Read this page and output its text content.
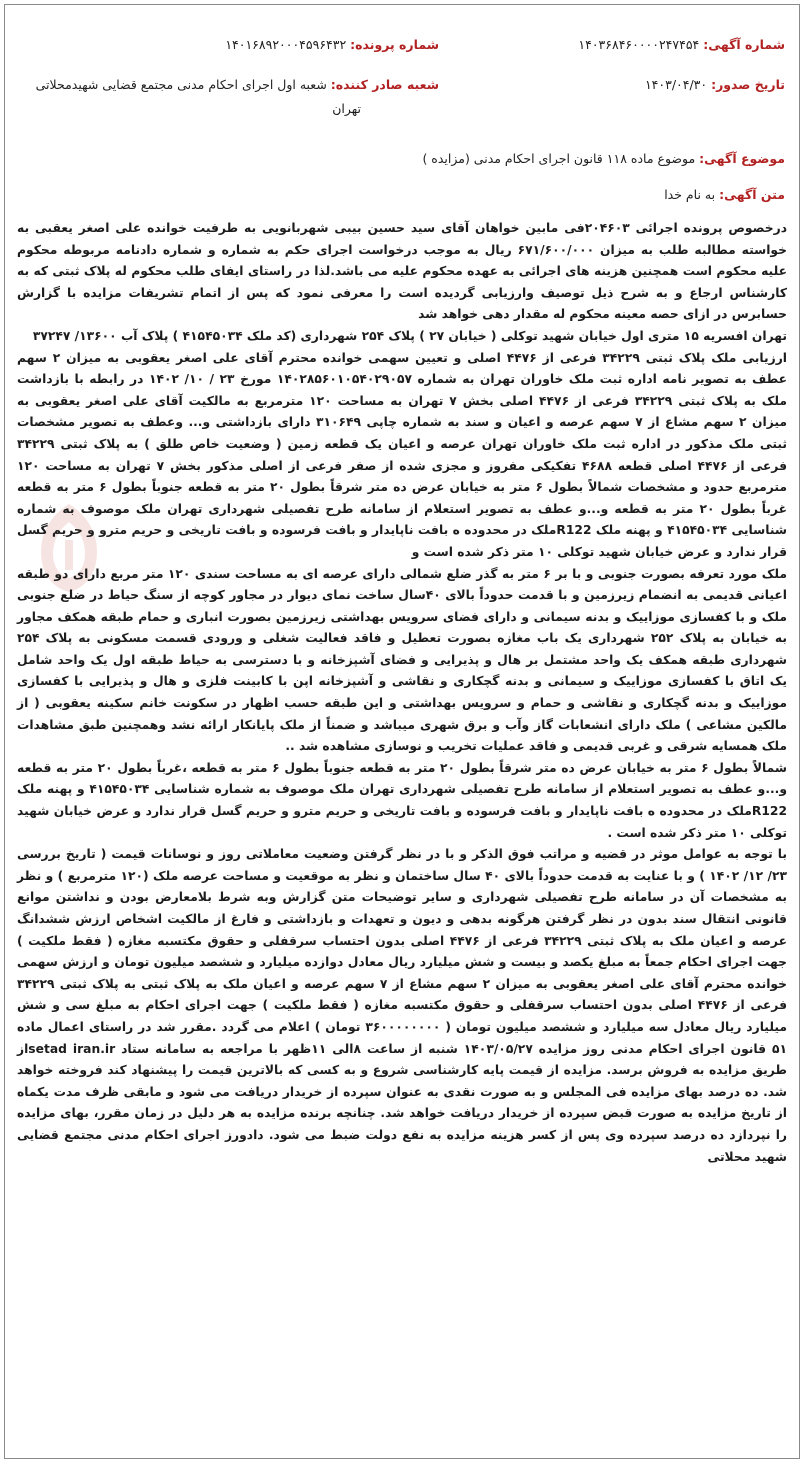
شماره آگهی: ۱۴۰۳۶۸۴۶۰۰۰۰۲۴۷۴۵۴
شماره پرونده: ۱۴۰۱۶۸۹۲۰۰۰۴۵۹۶۴۳۲
تاریخ صدور: ۱۴۰۳/۰۴/۳۰
شعبه صادر کننده: شعبه اول اجرای احکام مدنی مجتمع قضایی شهیدمحلاتی
تهران
موضوع آگهی: موضوع ماده ۱۱۸ قانون اجرای احکام مدنی (مزایده )
متن آگهی: به نام خدا

درخصوص پرونده اجرائی ۲۰۴۶۰۳فی مابین خواهان آقای سید حسین بیبی شهربانویی به طرفیت خوانده علی اصغر یعقبی به خواسته مطالبه طلب به میزان ۶۷۱/۶۰۰/۰۰۰ ریال به موجب درخواست اجرای حکم به شماره و شماره دادنامه مربوطه محکوم علیه محکوم است همچنین هزینه های اجرائی به عهده محکوم علیه می باشد.لذا در راستای ایفای طلب محکوم له پلاک ثبتی که به کارشناس ارجاع و به شرح ذیل توصیف وارزیابی گردیده است را معرفی نمود که پس از اتمام تشریفات مزایده با گزارش حسابرس در ازای حصه معینه محکوم له مقدار دهی خواهد شد

تهران افسریه ۱۵ متری اول خیابان شهید توکلی ( خیابان ۲۷ ) پلاک ۲۵۴ شهرداری (کد ملک ۴۱۵۴۵۰۳۴ ) پلاک آب ۱۳۶۰۰/ ۳۷۲۴۷

ارزیابی ملک پلاک ثبتی ۳۴۲۲۹ فرعی از ۴۴۷۶ اصلی و تعیین سهمی خوانده محترم آقای علی اصغر یعقوبی به میزان ۲ سهم عطف به تصویر نامه اداره ثبت ملک خاوران تهران به شماره ۱۴۰۲۸۵۶۰۱۰۵۴۰۲۹۰۵۷ مورخ ۲۳ / ۱۰/ ۱۴۰۲ در رابطه با بازداشت ملک به پلاک ثبتی ۳۴۲۲۹ فرعی از ۴۴۷۶ اصلی بخش ۷ تهران به مساحت ۱۲۰ مترمربع به مالکیت آقای علی اصغر یعقوبی به میزان ۲ سهم مشاع از ۷ سهم عرصه و اعیان و سند به شماره چاپی ۳۱۰۶۴۹ دارای بازداشتی و... وعطف به تصویر مشخصات ثبتی ملک مذکور در اداره ثبت ملک خاوران تهران عرصه و اعیان یک قطعه زمین ( وضعیت خاص طلق ) به پلاک ثبتی ۳۴۲۲۹ فرعی از ۴۴۷۶ اصلی قطعه ۴۶۸۸ تفکیکی مفروز و مجزی شده از صفر فرعی از اصلی مذکور بخش ۷ تهران به مساحت ۱۲۰ مترمربع حدود و مشخصات شمالاً بطول ۶ متر به خیابان عرض ده متر شرقاً بطول ۲۰ متر به قطعه جنوباً بطول ۶ متر به قطعه غرباً بطول ۲۰ متر به قطعه و...و عطف به تصویر استعلام از سامانه طرح تفصیلی شهرداری تهران ملک موصوف به شماره شناسایی ۴۱۵۴۵۰۳۴ و پهنه ملک R122ملک در محدوده ه بافت ناپایدار و بافت فرسوده و بافت تاریخی و حریم مترو و حریم گسل قرار ندارد و عرض خیابان شهید توکلی ۱۰ متر ذکر شده است و

ملک مورد تعرفه بصورت جنوبی و با بر ۶ متر به گذر ضلع شمالی دارای عرصه ای به مساحت سندی ۱۲۰ متر مربع دارای دو طبقه اعیانی قدیمی به انضمام زیرزمین و با قدمت حدوداً بالای ۴۰سال ساخت نمای دیوار در مجاور کوچه از سنگ حیاط در ضلع جنوبی ملک و با کفسازی موزاییک و بدنه سیمانی و دارای فضای سرویس بهداشتی زیرزمین بصورت انباری و حمام طبقه همکف مجاور به خیابان به پلاک ۲۵۲ شهرداری یک باب مغازه بصورت تعطیل و فاقد فعالیت شغلی و ورودی قسمت مسکونی به پلاک ۲۵۴ شهرداری طبقه همکف یک واحد مشتمل بر هال و پذیرایی و فضای آشپزخانه و با دسترسی به حیاط طبقه اول یک واحد شامل یک اتاق با کفسازی موزاییک و سیمانی و بدنه گچکاری و نقاشی و آشپزخانه اپن با کابینت فلزی و هال و پذیرایی با کفسازی موزاییک و بدنه گچکاری و نقاشی و حمام و سرویس بهداشتی و این طبقه حسب اظهار در سکونت خانم سکینه یعقوبی ( از مالکین مشاعی ) ملک دارای انشعابات گاز وآب و برق شهری میباشد و ضمناً از ملک پایانکار ارائه نشد وهمچنین طبق مشاهدات ملک همسایه شرقی و غربی قدیمی و فاقد عملیات تخریب و نوسازی مشاهده شد ..

شمالاً بطول ۶ متر به خیابان عرض ده متر شرقاً بطول ۲۰ متر به قطعه جنوباً بطول ۶ متر به قطعه ،غرباً بطول ۲۰ متر به قطعه و...و عطف به تصویر استعلام از سامانه طرح تفصیلی شهرداری تهران ملک موصوف به شماره شناسایی ۴۱۵۴۵۰۳۴ و پهنه ملک R122ملک در محدوده ه بافت ناپایدار و بافت فرسوده و بافت تاریخی و حریم مترو و حریم گسل قرار ندارد و عرض خیابان شهید توکلی ۱۰ متر ذکر شده است .

با توجه به عوامل موثر در قضیه و مراتب فوق الذکر و با در نظر گرفتن وضعیت معاملاتی روز و نوسانات قیمت ( تاریخ بررسی ۲۳/ ۱۲/ ۱۴۰۲ ) و با عنایت به قدمت حدوداً بالای ۴۰ سال ساختمان و نظر به موقعیت و مساحت عرصه ملک (۱۲۰ مترمربع ) و نظر به مشخصات آن در سامانه طرح تفصیلی شهرداری و سایر توضیحات متن گزارش وبه شرط بلامعارض بودن و نداشتن موانع قانونی انتقال سند بدون در نظر گرفتن هرگونه بدهی و دیون و تعهدات و بازداشتی و فارغ از مالکیت اشخاص ارزش ششدانگ عرصه و اعیان ملک به پلاک ثبتی ۳۴۲۲۹ فرعی از ۴۴۷۶ اصلی بدون احتساب سرقفلی و حقوق مکتسبه مغازه ( فقط ملکیت ) جهت اجرای احکام جمعاً به مبلغ یکصد و بیست و شش میلیارد ریال معادل دوازده میلیارد و ششصد میلیون تومان و ارزش سهمی خوانده محترم آقای علی اصغر یعقوبی به میزان ۲ سهم مشاع از ۷ سهم عرصه و اعیان ملک به پلاک ثبتی به پلاک ثبتی ۳۴۲۲۹ فرعی از ۴۴۷۶ اصلی بدون احتساب سرقفلی و حقوق مکتسبه مغازه ( فقط ملکیت ) جهت اجرای احکام به مبلغ سی و شش میلیارد ریال معادل سه میلیارد و ششصد میلیون تومان ( ۳۶۰۰۰۰۰۰۰۰ تومان ) اعلام می گردد .مقرر شد در راستای اعمال ماده ۵۱ قانون اجرای احکام مدنی روز مزایده ۱۴۰۳/۰۵/۲۷ شنبه از ساعت ۸الی ۱۱ظهر با مراجعه به سامانه ستاد setad iran.irاز طریق مزایده به فروش برسد. مزایده از قیمت پایه کارشناسی شروع و به کسی که بالاترین قیمت را پیشنهاد کند فروخته خواهد شد. ده درصد بهای مزایده فی المجلس و به صورت نقدی به عنوان سپرده از خریدار دریافت می شود و مابقی ظرف مدت یکماه از تاریخ مزایده به صورت قبض سپرده از خریدار دریافت خواهد شد. چنانچه برنده مزایده به هر دلیل در زمان مقرر، بهای مزایده را نپردازد ده درصد سپرده وی پس از کسر هزینه مزایده به نفع دولت ضبط می شود. دادورز اجرای احکام مدنی مجتمع قضایی شهید محلاتی
